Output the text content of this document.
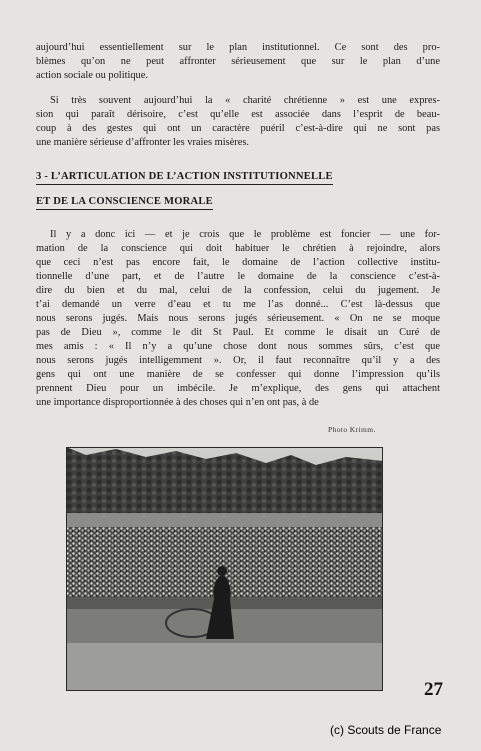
aujourd’hui essentiellement sur le plan institutionnel. Ce sont des pro-
blèmes qu’on ne peut affronter sérieusement que sur le plan d’une
action sociale ou politique.
Si très souvent aujourd’hui la « charité chrétienne » est une expres-
sion qui paraît dérisoire, c’est qu’elle est associée dans l’esprit de beau-
coup à des gestes qui ont un caractère puéril c’est-à-dire qui ne sont pas
une manière sérieuse d’affronter les vraies misères.
3 - L’ARTICULATION DE L’ACTION INSTITUTIONNELLE
ET DE LA CONSCIENCE MORALE
Il y a donc ici — et je crois que le problème est foncier — une for-
mation de la conscience qui doit habituer le chrétien à rejoindre, alors
que ceci n’est pas encore fait, le domaine de l’action collective institu-
tionnelle d’une part, et de l’autre le domaine de la conscience c’est-à-
dire du bien et du mal, celui de la confession, celui du jugement. Je
t’ai demandé un verre d’eau et tu me l’as donné... C’est là-dessus que
nous serons jugés. Mais nous serons jugés sérieusement. « On ne se moque
pas de Dieu », comme le dit St Paul. Et comme le disait un Curé de
mes amis : « Il n’y a qu’une chose dont nous sommes sûrs, c’est que
nous serons jugés intelligemment ». Or, il faut reconnaître qu’il y a des
gens qui ont une manière de se confesser qui donne l’impression qu’ils
prennent Dieu pour un imbécile. Je m’explique, des gens qui attachent
une importance disproportionnée à des choses qui n’en ont pas, à de
Photo Krimm.
27
(c) Scouts de France
